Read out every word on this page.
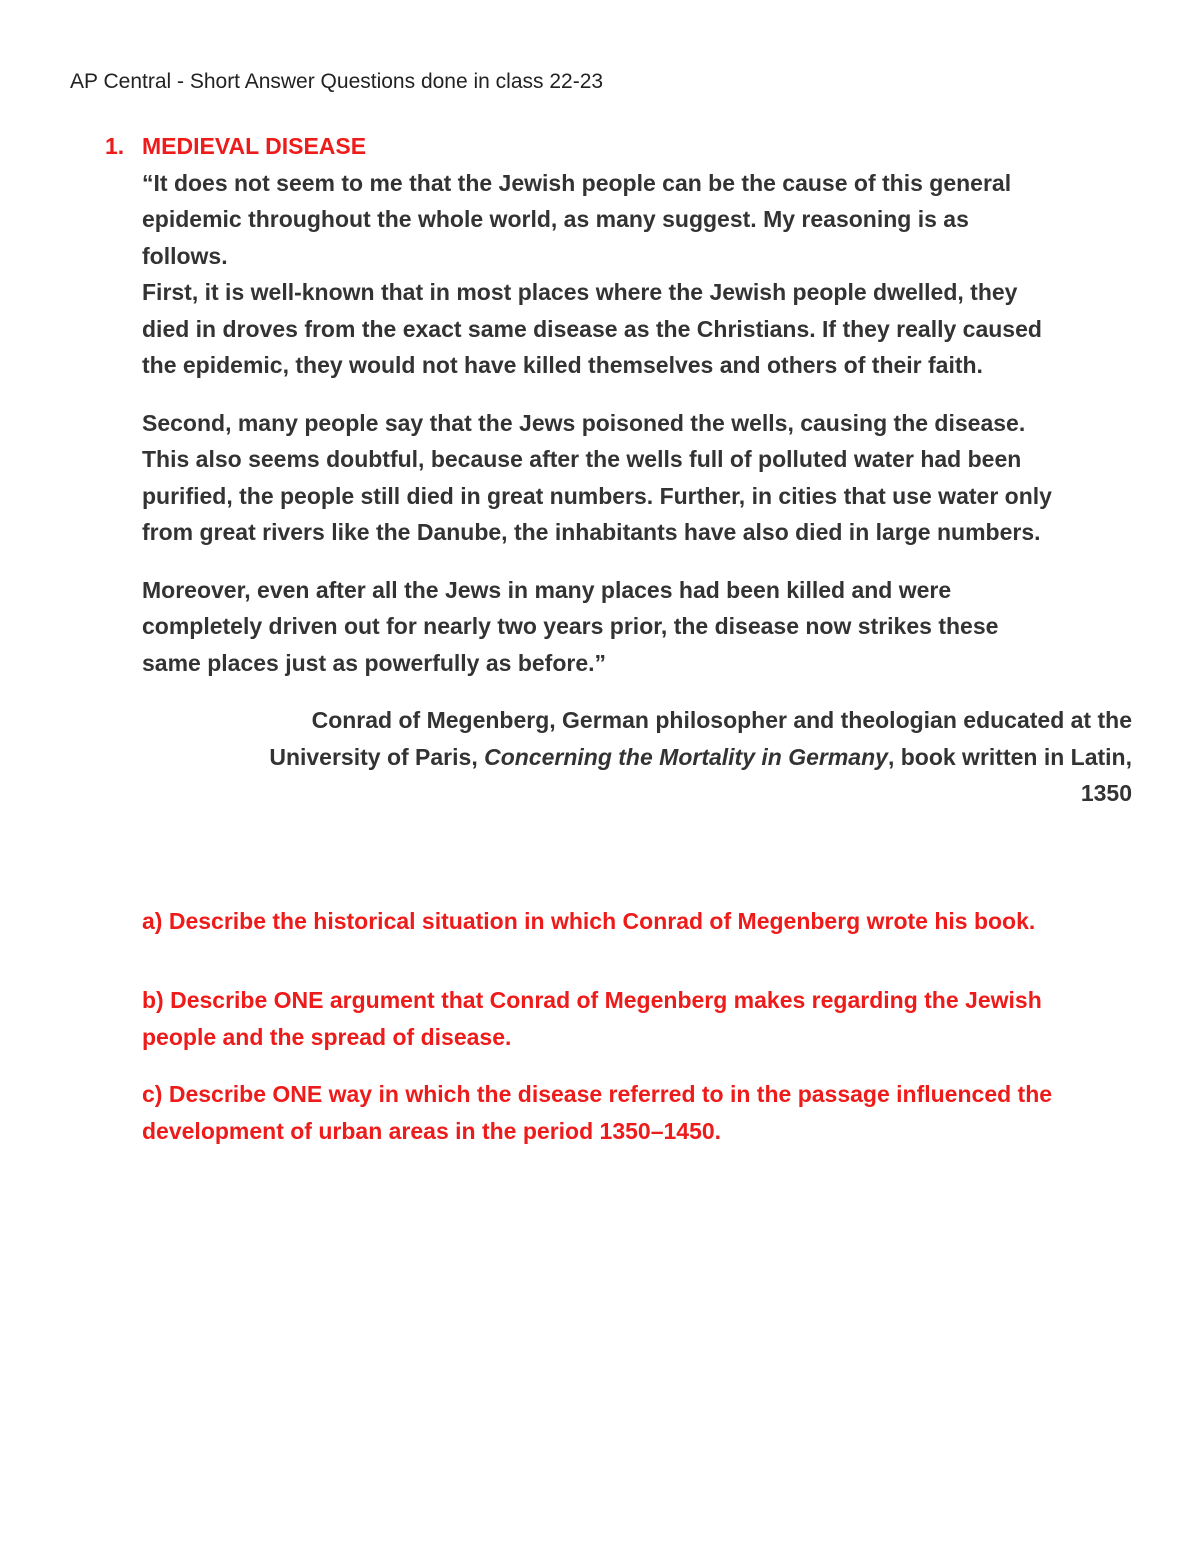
AP Central - Short Answer Questions done in class 22-23
1. MEDIEVAL DISEASE
“It does not seem to me that the Jewish people can be the cause of this general
epidemic throughout the whole world, as many suggest. My reasoning is as
follows.
First, it is well-known that in most places where the Jewish people dwelled, they
died in droves from the exact same disease as the Christians. If they really caused
the epidemic, they would not have killed themselves and others of their faith.
Second, many people say that the Jews poisoned the wells, causing the disease.
This also seems doubtful, because after the wells full of polluted water had been
purified, the people still died in great numbers. Further, in cities that use water only
from great rivers like the Danube, the inhabitants have also died in large numbers.
Moreover, even after all the Jews in many places had been killed and were
completely driven out for nearly two years prior, the disease now strikes these
same places just as powerfully as before.”
Conrad of Megenberg, German philosopher and theologian educated at the
University of Paris, Concerning the Mortality in Germany, book written in Latin,
1350
a) Describe the historical situation in which Conrad of Megenberg wrote his book.
b) Describe ONE argument that Conrad of Megenberg makes regarding the Jewish
people and the spread of disease.
c) Describe ONE way in which the disease referred to in the passage influenced the
development of urban areas in the period 1350–1450.
